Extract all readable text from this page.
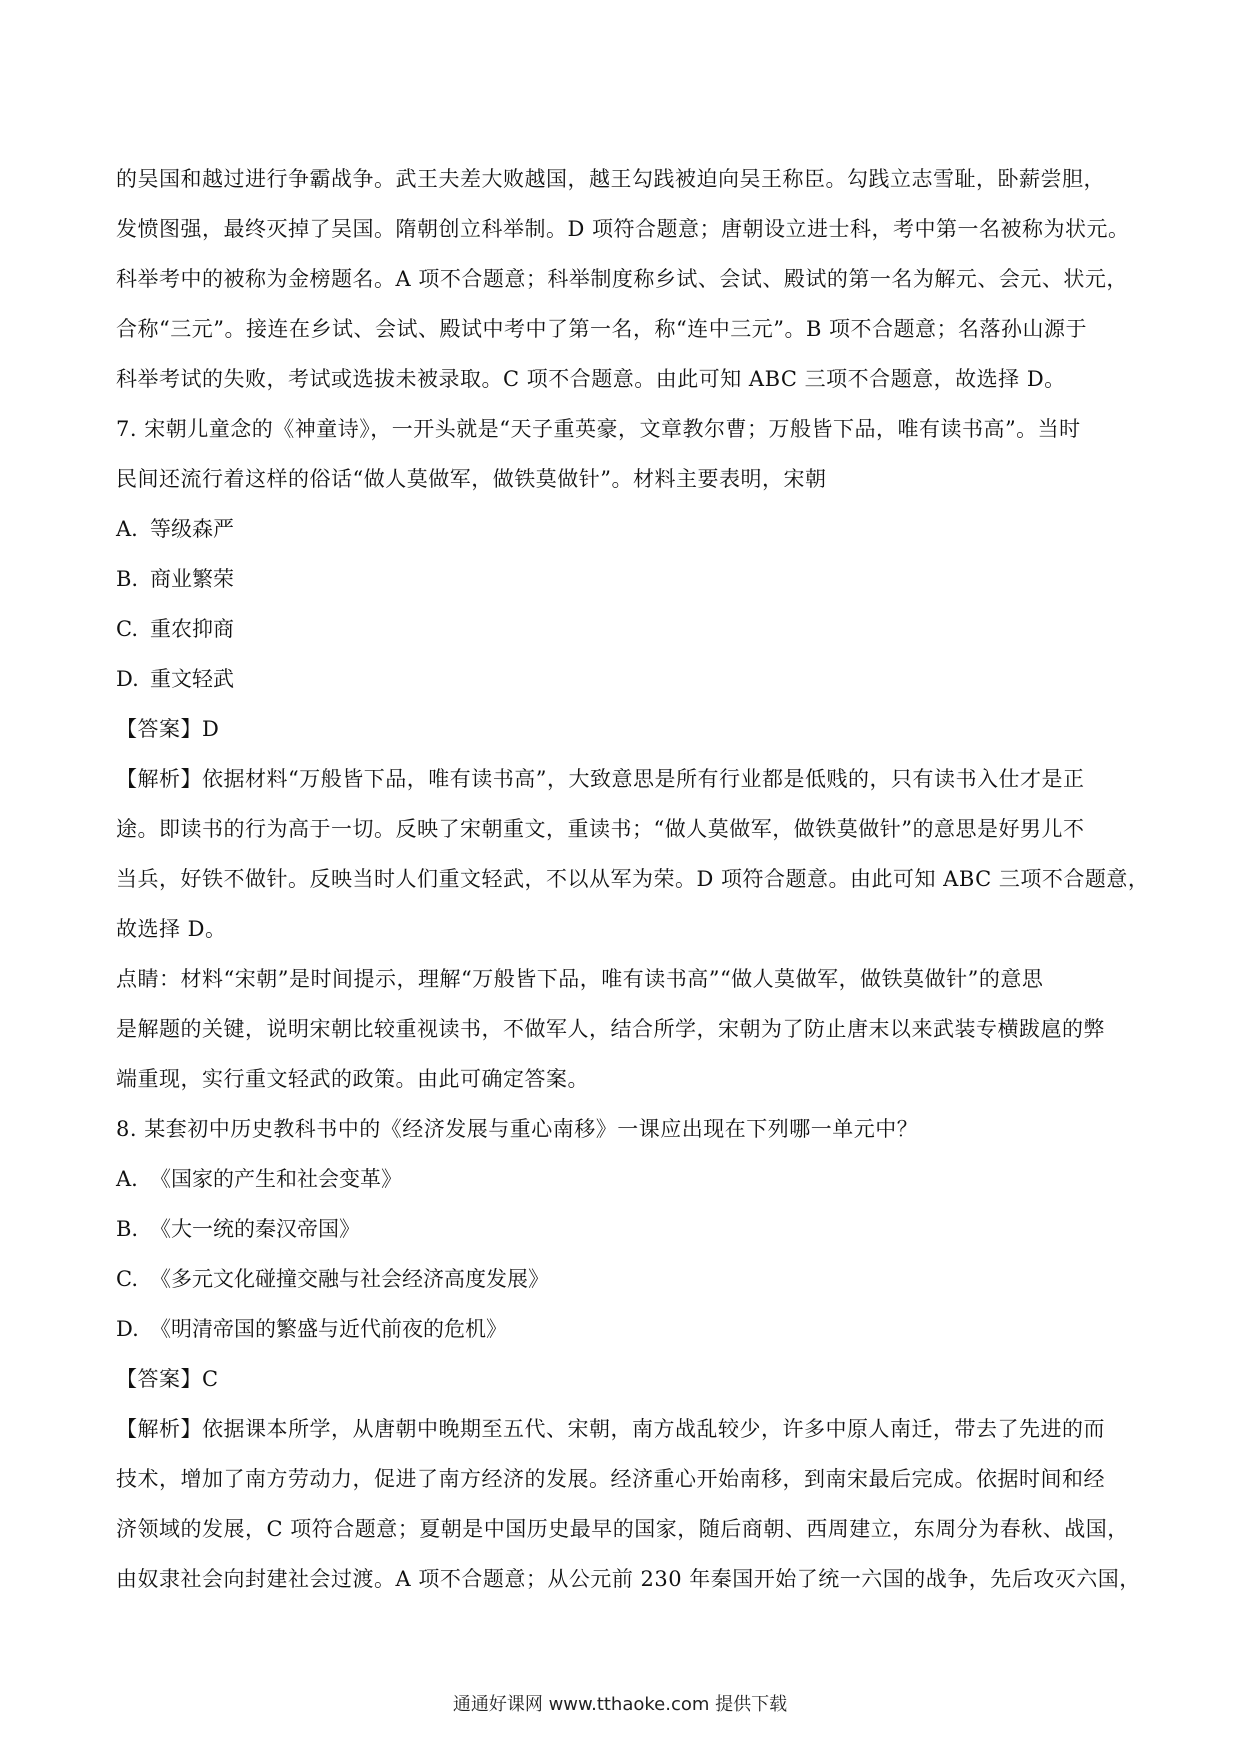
的吴国和越过进行争霸战争。武王夫差大败越国，越王勾践被迫向吴王称臣。勾践立志雪耻，卧薪尝胆，

发愤图强，最终灭掉了吴国。隋朝创立科举制。D 项符合题意；唐朝设立进士科，考中第一名被称为状元。

科举考中的被称为金榜题名。A 项不合题意；科举制度称乡试、会试、殿试的第一名为解元、会元、状元，

合称“三元”。接连在乡试、会试、殿试中考中了第一名，称“连中三元”。B 项不合题意；名落孙山源于

科举考试的失败，考试或选拔未被录取。C 项不合题意。由此可知 ABC 三项不合题意，故选择 D。

7. 宋朝儿童念的《神童诗》，一开头就是“天子重英豪，文章教尔曹；万般皆下品，唯有读书高”。当时

民间还流行着这样的俗话“做人莫做军，做铁莫做针”。材料主要表明，宋朝

A. 等级森严

B. 商业繁荣

C. 重农抑商

D. 重文轻武

【答案】D

【解析】依据材料“万般皆下品，唯有读书高”，大致意思是所有行业都是低贱的，只有读书入仕才是正

途。即读书的行为高于一切。反映了宋朝重文，重读书；“做人莫做军，做铁莫做针”的意思是好男儿不

当兵，好铁不做针。反映当时人们重文轻武，不以从军为荣。D 项符合题意。由此可知 ABC 三项不合题意，

故选择 D。

点睛：材料“宋朝”是时间提示，理解“万般皆下品，唯有读书高”“做人莫做军，做铁莫做针”的意思

是解题的关键，说明宋朝比较重视读书，不做军人，结合所学，宋朝为了防止唐末以来武装专横跋扈的弊

端重现，实行重文轻武的政策。由此可确定答案。

8. 某套初中历史教科书中的《经济发展与重心南移》一课应出现在下列哪一单元中？

A. 《国家的产生和社会变革》

B. 《大一统的秦汉帝国》

C. 《多元文化碰撞交融与社会经济高度发展》

D. 《明清帝国的繁盛与近代前夜的危机》

【答案】C

【解析】依据课本所学，从唐朝中晚期至五代、宋朝，南方战乱较少，许多中原人南迁，带去了先进的而

技术，增加了南方劳动力，促进了南方经济的发展。经济重心开始南移，到南宋最后完成。依据时间和经

济领域的发展，C 项符合题意；夏朝是中国历史最早的国家，随后商朝、西周建立，东周分为春秋、战国，

由奴隶社会向封建社会过渡。A 项不合题意；从公元前 230 年秦国开始了统一六国的战争，先后攻灭六国，

通通好课网 www.tthaoke.com 提供下载
